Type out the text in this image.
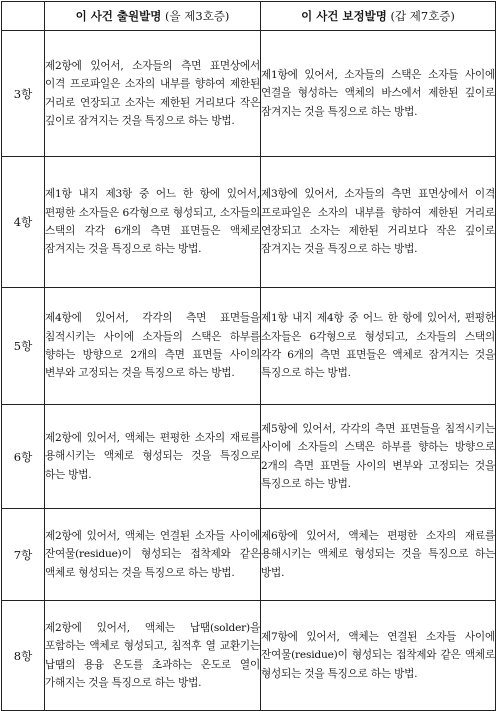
	이 사건 출원발명 (을 제3호증)	이 사건 보정발명 (갑 제7호증)
3항	제2항에 있어서, 소자들의 측면 표면상에서 이격 프로파일은 소자의 내부를 향하여 제한된 거리로 연장되고 소자는 제한된 거리보다 작은 깊이로 잠겨지는 것을 특징으로 하는 방법.	제1항에 있어서, 소자들의 스택은 소자들 사이에 연결을 형성하는 액체의 바스에서 제한된 깊이로 잠겨지는 것을 특징으로 하는 방법.
4항	제1항 내지 제3항 중 어느 한 항에 있어서, 편평한 소자들은 6각형으로 형성되고, 소자들의 스택의 각각 6개의 측면 표면들은 액체로 잠겨지는 것을 특징으로 하는 방법.	제3항에 있어서, 소자들의 측면 표면상에서 이격 프로파일은 소자의 내부를 향하여 제한된 거리로 연장되고 소자는 제한된 거리보다 작은 깊이로 잠겨지는 것을 특징으로 하는 방법.
5항	제4항에 있어서, 각각의 측면 표면들을 침적시키는 사이에 소자들의 스택은 하부를 향하는 방향으로 2개의 측면 표면들 사이의 변부와 고정되는 것을 특징으로 하는 방법.	제1항 내지 제4항 중 어느 한 항에 있어서, 편평한 소자들은 6각형으로 형성되고, 소자들의 스택의 각각 6개의 측면 표면들은 액체로 잠겨지는 것을 특징으로 하는 방법.
6항	제2항에 있어서, 액체는 편평한 소자의 재료를 용해시키는 액체로 형성되는 것을 특징으로 하는 방법.	제5항에 있어서, 각각의 측면 표면들을 침적시키는 사이에 소자들의 스택은 하부를 향하는 방향으로 2개의 측면 표면들 사이의 변부와 고정되는 것을 특징으로 하는 방법.
7항	제2항에 있어서, 액체는 연결된 소자들 사이에 잔여물(residue)이 형성되는 접착제와 같은 액체로 형성되는 것을 특징으로 하는 방법.	제6항에 있어서, 액체는 편평한 소자의 재료를 용해시키는 액체로 형성되는 것을 특징으로 하는 방법.
8항	제2항에 있어서, 액체는 납땜(solder)을 포함하는 액체로 형성되고, 침적후 열 교환기는 납땜의 용융 온도를 초과하는 온도로 열이 가해지는 것을 특징으로 하는 방법.	제7항에 있어서, 액체는 연결된 소자들 사이에 잔여물(residue)이 형성되는 접착제와 같은 액체로 형성되는 것을 특징으로 하는 방법.
